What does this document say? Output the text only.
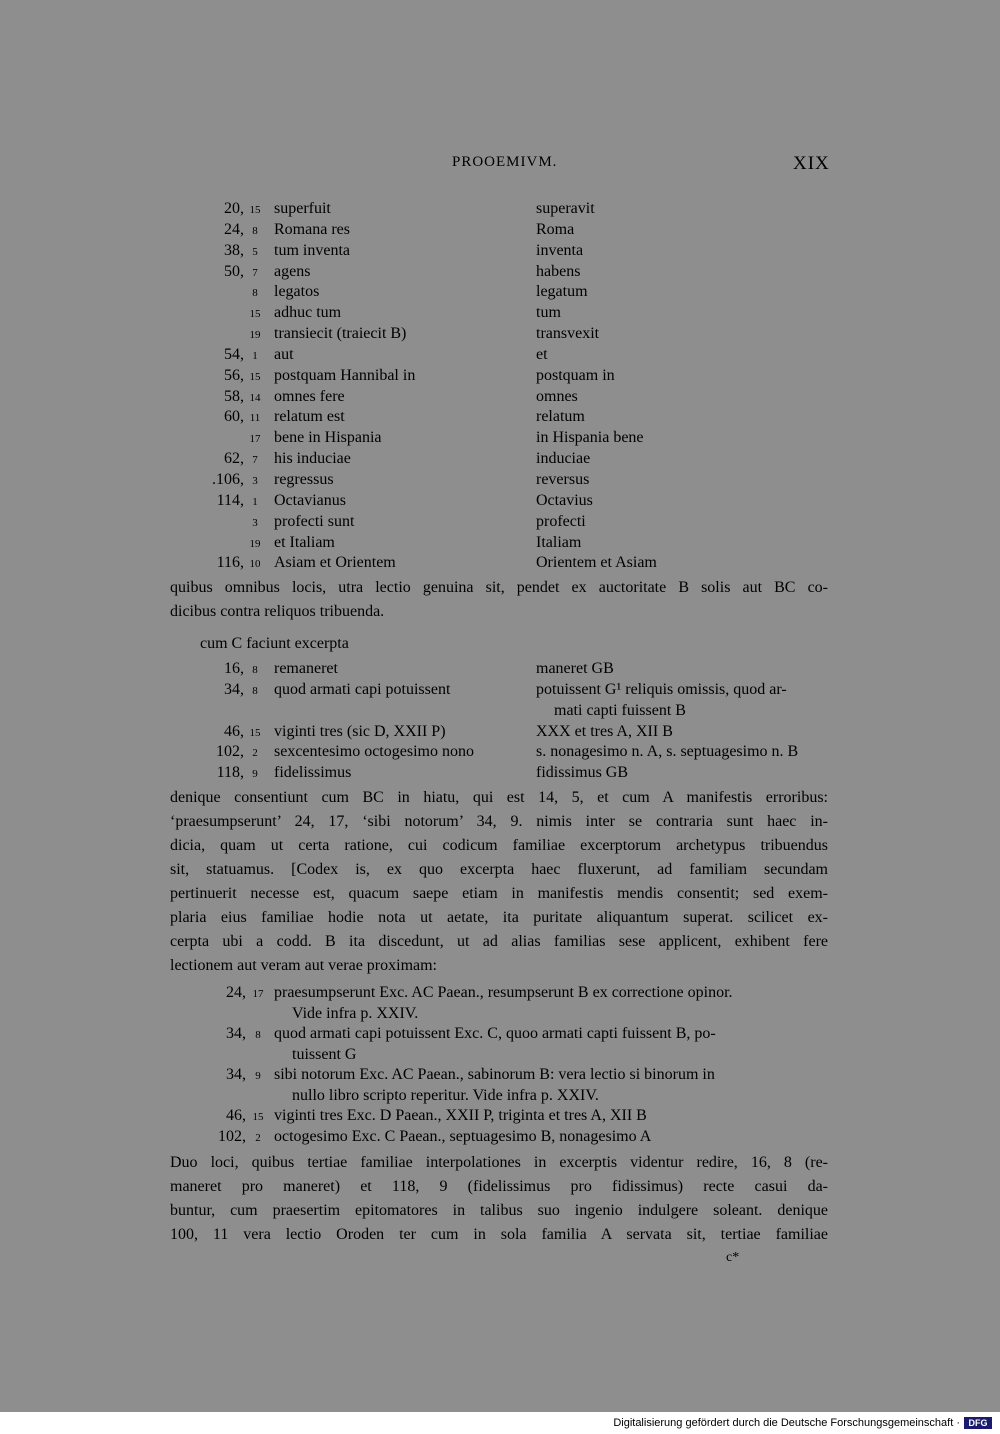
PROOEMIVM.	XIX
20, 15 superfuit	superavit
24, 8 Romana res	Roma
38, 5 tum inventa	inventa
50, 7 agens	habens
8 legatos	legatum
15 adhuc tum	tum
19 transiecit (traiecit B)	transvexit
54, 1 aut	et
56, 15 postquam Hannibal in	postquam in
58, 14 omnes fere	omnes
60, 11 relatum est	relatum
17 bene in Hispania	in Hispania bene
62, 7 his induciae	induciae
.106, 3 regressus	reversus
114, 1 Octavianus	Octavius
3 profecti sunt	profecti
19 et Italiam	Italiam
116, 10 Asiam et Orientem	Orientem et Asiam
quibus omnibus locis, utra lectio genuina sit, pendet ex auctoritate B solis aut BC co-
dicibus contra reliquos tribuenda.
cum C faciunt excerpta
16, 8 remaneret	maneret GB
34, 8 quod armati capi potuissent	potuissent G¹ reliquis omissis, quod ar-
mati capti fuissent B
46, 15 viginti tres (sic D, XXII P)	XXX et tres A, XII B
102, 2 sexcentesimo octogesimo nono	s. nonagesimo n. A, s. septuagesimo n. B
118, 9 fidelissimus	fidissimus GB
denique consentiunt cum BC in hiatu, qui est 14, 5, et cum A manifestis erroribus:
‘praesumpserunt’ 24, 17, ‘sibi notorum’ 34, 9. nimis inter se contraria sunt haec in-
dicia, quam ut certa ratione, cui codicum familiae excerptorum archetypus tribuendus
sit, statuamus. [Codex is, ex quo excerpta haec fluxerunt, ad familiam secundam
pertinuerit necesse est, quacum saepe etiam in manifestis mendis consentit; sed exem-
plaria eius familiae hodie nota ut aetate, ita puritate aliquantum superat. scilicet ex-
cerpta ubi a codd. B ita discedunt, ut ad alias familias sese applicent, exhibent fere
lectionem aut veram aut verae proximam:
24, 17 praesumpserunt Exc. AC Paean., resumpserunt B ex correctione opinor.
Vide infra p. XXIV.
34, 8 quod armati capi potuissent Exc. C, quoo armati capti fuissent B, po-
tuissent G
34, 9 sibi notorum Exc. AC Paean., sabinorum B: vera lectio si binorum in
nullo libro scripto reperitur. Vide infra p. XXIV.
46, 15 viginti tres Exc. D Paean., XXII P, triginta et tres A, XII B
102, 2 octogesimo Exc. C Paean., septuagesimo B, nonagesimo A
Duo loci, quibus tertiae familiae interpolationes in excerptis videntur redire, 16, 8 (re-
maneret pro maneret) et 118, 9 (fidelissimus pro fidissimus) recte casui da-
buntur, cum praesertim epitomatores in talibus suo ingenio indulgere soleant. denique
100, 11 vera lectio Oroden ter cum in sola familia A servata sit, tertiae familiae
c*
Digitalisierung gefördert durch die Deutsche Forschungsgemeinschaft · DFG
